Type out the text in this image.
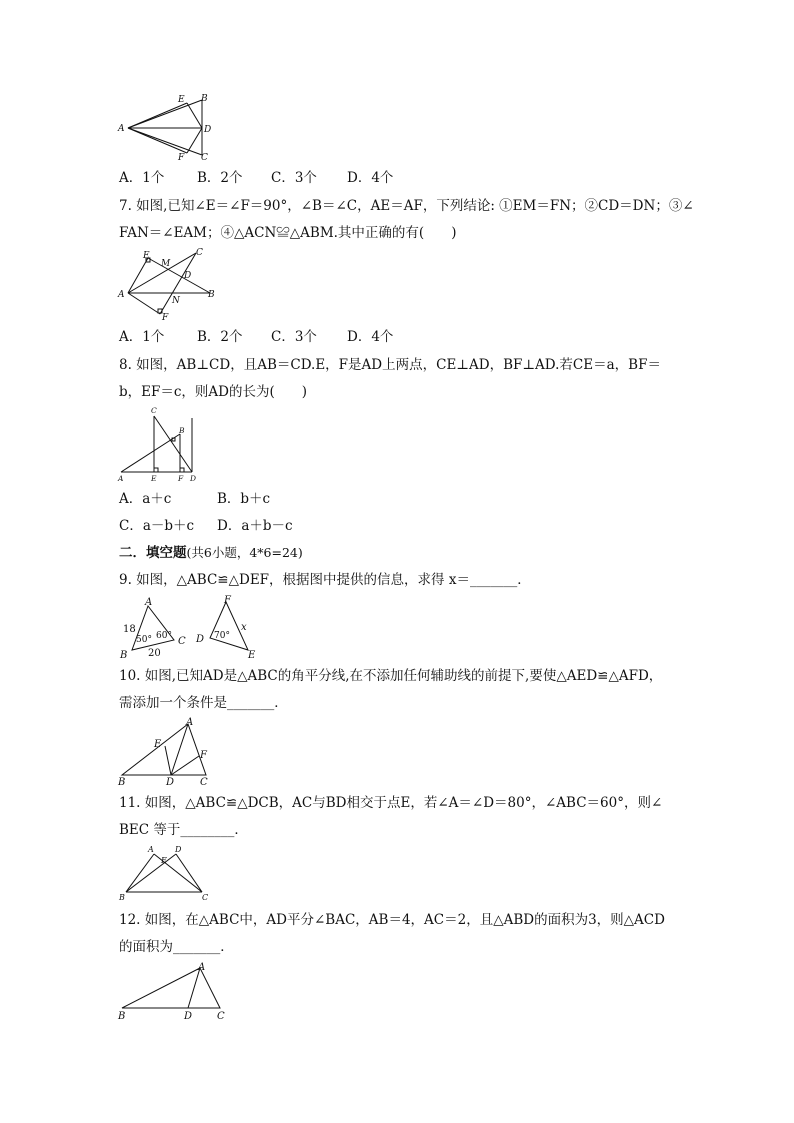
A
E B
D
F C
A．1个 B．2个 C．3个 D．4个
7. 如图,已知∠E＝∠F＝90°，∠B＝∠C，AE＝AF，下列结论: ①EM＝FN；②CD＝DN；③∠
FAN＝∠EAM；④△ACN≌△ABM.其中正确的有(　　)
A
E
M
C
D
N
B
F
A．1个 B．2个 C．3个 D．4个
8. 如图，AB⊥CD，且AB＝CD.E，F是AD上两点，CE⊥AD，BF⊥AD.若CE＝a，BF＝
b，EF＝c，则AD的长为(　　)
C
B
A	E	F D
A．a＋c	B．b＋c
C．a－b＋c D．a＋b－c
二．填空题(共6小题，4*6=24)
9. 如图，△ABC≌△DEF，根据图中提供的信息，求得 x＝_______．
A
B
C
F
D
E
18
50° 60°
20
70°
x
10. 如图,已知AD是△ABC的角平分线,在不添加任何辅助线的前提下,要使△AED≌△AFD，
需添加一个条件是_______．
A
E
F
B	D	C
11. 如图，△ABC≌△DCB，AC与BD相交于点E，若∠A＝∠D＝80°，∠ABC＝60°，则∠
BEC 等于________．
A	D
E
B	C
12. 如图，在△ABC中，AD平分∠BAC，AB＝4，AC＝2，且△ABD的面积为3，则△ACD
的面积为_______．
A
B	D C
